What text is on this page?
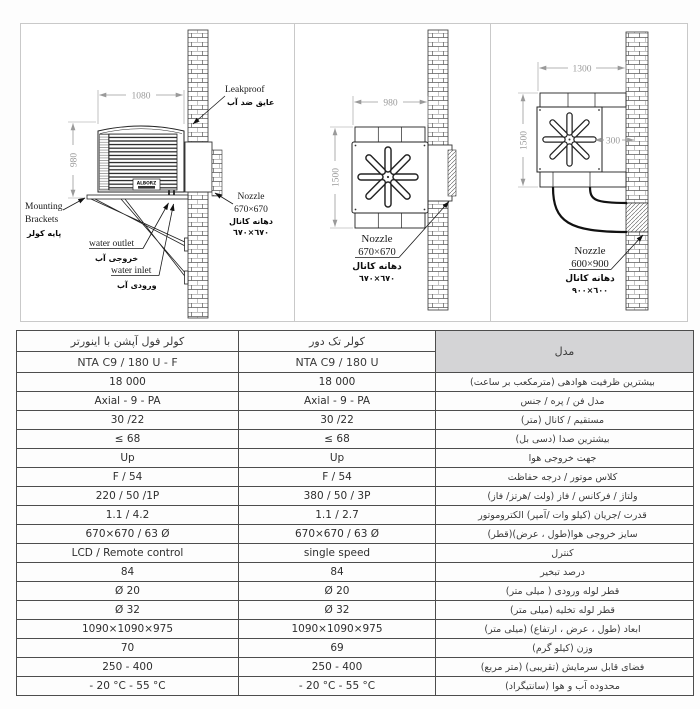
ALBORZ
1080
980
Leakproof
عایق ضد آب
Nozzle
670×670
دهانه کانال
٦٧٠×٦٧٠
Mounting
Brackets
پایه کولر
water outlet
خروجی آب
water inlet
ورودی آب
980
1500
Nozzle
670×670
دهانه کانال
٦٧٠×٦٧٠
1300
1500	300
Nozzle
600×900
دهانه کانال
٦٠٠×٩٠٠
کولر فول آپشن با اینورتر	کولر تک دور	مدل
NTA C9 / 180 U - F	NTA C9 / 180 U	
18 000	18 000	بیشترین ظرفیت هوادهی (مترمکعب بر ساعت)
Axial - 9 - PA	Axial - 9 - PA	مدل فن / پره / جنس
30 /22	30 /22	مستقیم / کانال (متر)
≤ 68	≤ 68	بیشترین صدا (دسی بل)
Up	Up	جهت خروجی هوا
F / 54	F / 54	کلاس موتور / درجه حفاظت
220 / 50 /1P	380 / 50 / 3P	ولتاژ / فرکانس / فاز (ولت /هرتز/ فاز)
1.1 / 4.2	1.1 / 2.7	قدرت /جریان (کیلو وات /آمپر) الکتروموتور
670×670 / 63 Ø	670×670 / 63 Ø	سایز خروجی هوا(طول ، عرض)(قطر)
LCD / Remote control	single speed	کنترل
84	84	درصد تبخیر
Ø 20	Ø 20	قطر لوله ورودی ( میلی متر)
Ø 32	Ø 32	قطر لوله تخلیه (میلی متر)
1090×1090×975	1090×1090×975	ابعاد (طول ، عرض ، ارتفاع) (میلی متر)
70	69	وزن (کیلو گرم)
250 - 400	250 - 400	فضای قابل سرمایش (تقریبی) (متر مربع)
- 20 °C - 55 °C	- 20 °C - 55 °C	محدوده آب و هوا (سانتیگراد)
